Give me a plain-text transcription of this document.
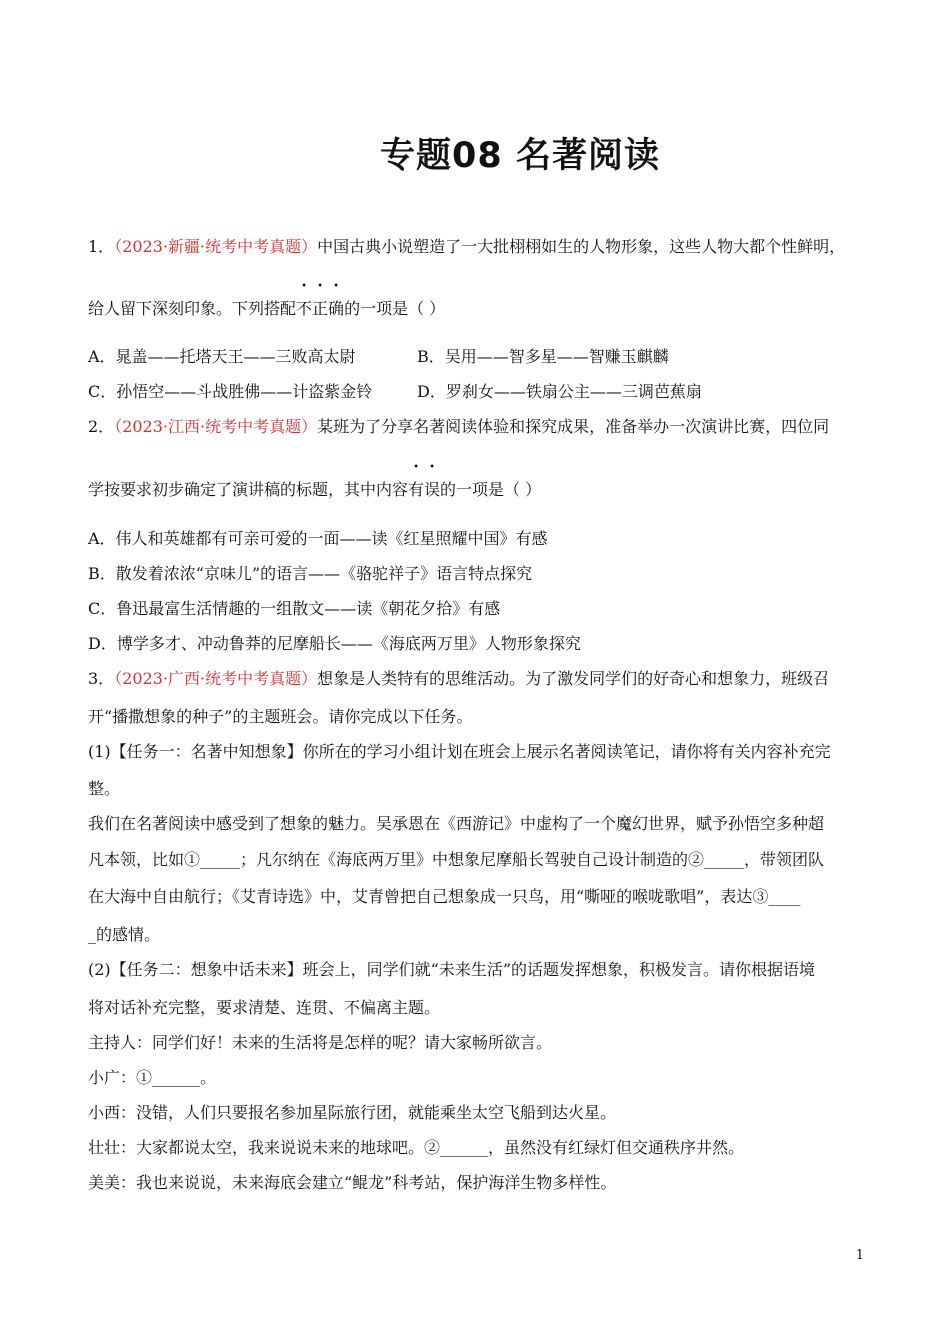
专题08 名著阅读
1．（2023·新疆·统考中考真题）中国古典小说塑造了一大批栩栩如生的人物形象，这些人物大都个性鲜明，
给人留下深刻印象。下列搭配不正确的一项是（ ）
A．晁盖——托塔天王——三败高太尉	B．吴用——智多星——智赚玉麒麟
C．孙悟空——斗战胜佛——计盗紫金铃	D．罗刹女——铁扇公主——三调芭蕉扇
2．（2023·江西·统考中考真题）某班为了分享名著阅读体验和探究成果，准备举办一次演讲比赛，四位同
学按要求初步确定了演讲稿的标题，其中内容有误的一项是（ ）
A．伟人和英雄都有可亲可爱的一面——读《红星照耀中国》有感
B．散发着浓浓“京味儿”的语言——《骆驼祥子》语言特点探究
C．鲁迅最富生活情趣的一组散文——读《朝花夕拾》有感
D．博学多才、冲动鲁莽的尼摩船长——《海底两万里》人物形象探究
3．（2023·广西·统考中考真题）想象是人类特有的思维活动。为了激发同学们的好奇心和想象力，班级召
开“播撒想象的种子”的主题班会。请你完成以下任务。
(1)【任务一：名著中知想象】你所在的学习小组计划在班会上展示名著阅读笔记，请你将有关内容补充完
整。
我们在名著阅读中感受到了想象的魅力。吴承恩在《西游记》中虚构了一个魔幻世界，赋予孙悟空多种超
凡本领，比如①_____；凡尔纳在《海底两万里》中想象尼摩船长驾驶自己设计制造的②_____，带领团队
在大海中自由航行；《艾青诗选》中，艾青曾把自己想象成一只鸟，用“嘶哑的喉咙歌唱”，表达③____
_的感情。
(2)【任务二：想象中话未来】班会上，同学们就“未来生活”的话题发挥想象，积极发言。请你根据语境
将对话补充完整，要求清楚、连贯、不偏离主题。
主持人：同学们好！未来的生活将是怎样的呢？请大家畅所欲言。
小广：①______。
小西：没错，人们只要报名参加星际旅行团，就能乘坐太空飞船到达火星。
壮壮：大家都说太空，我来说说未来的地球吧。②______，虽然没有红绿灯但交通秩序井然。
美美：我也来说说，未来海底会建立“鲲龙”科考站，保护海洋生物多样性。
1
